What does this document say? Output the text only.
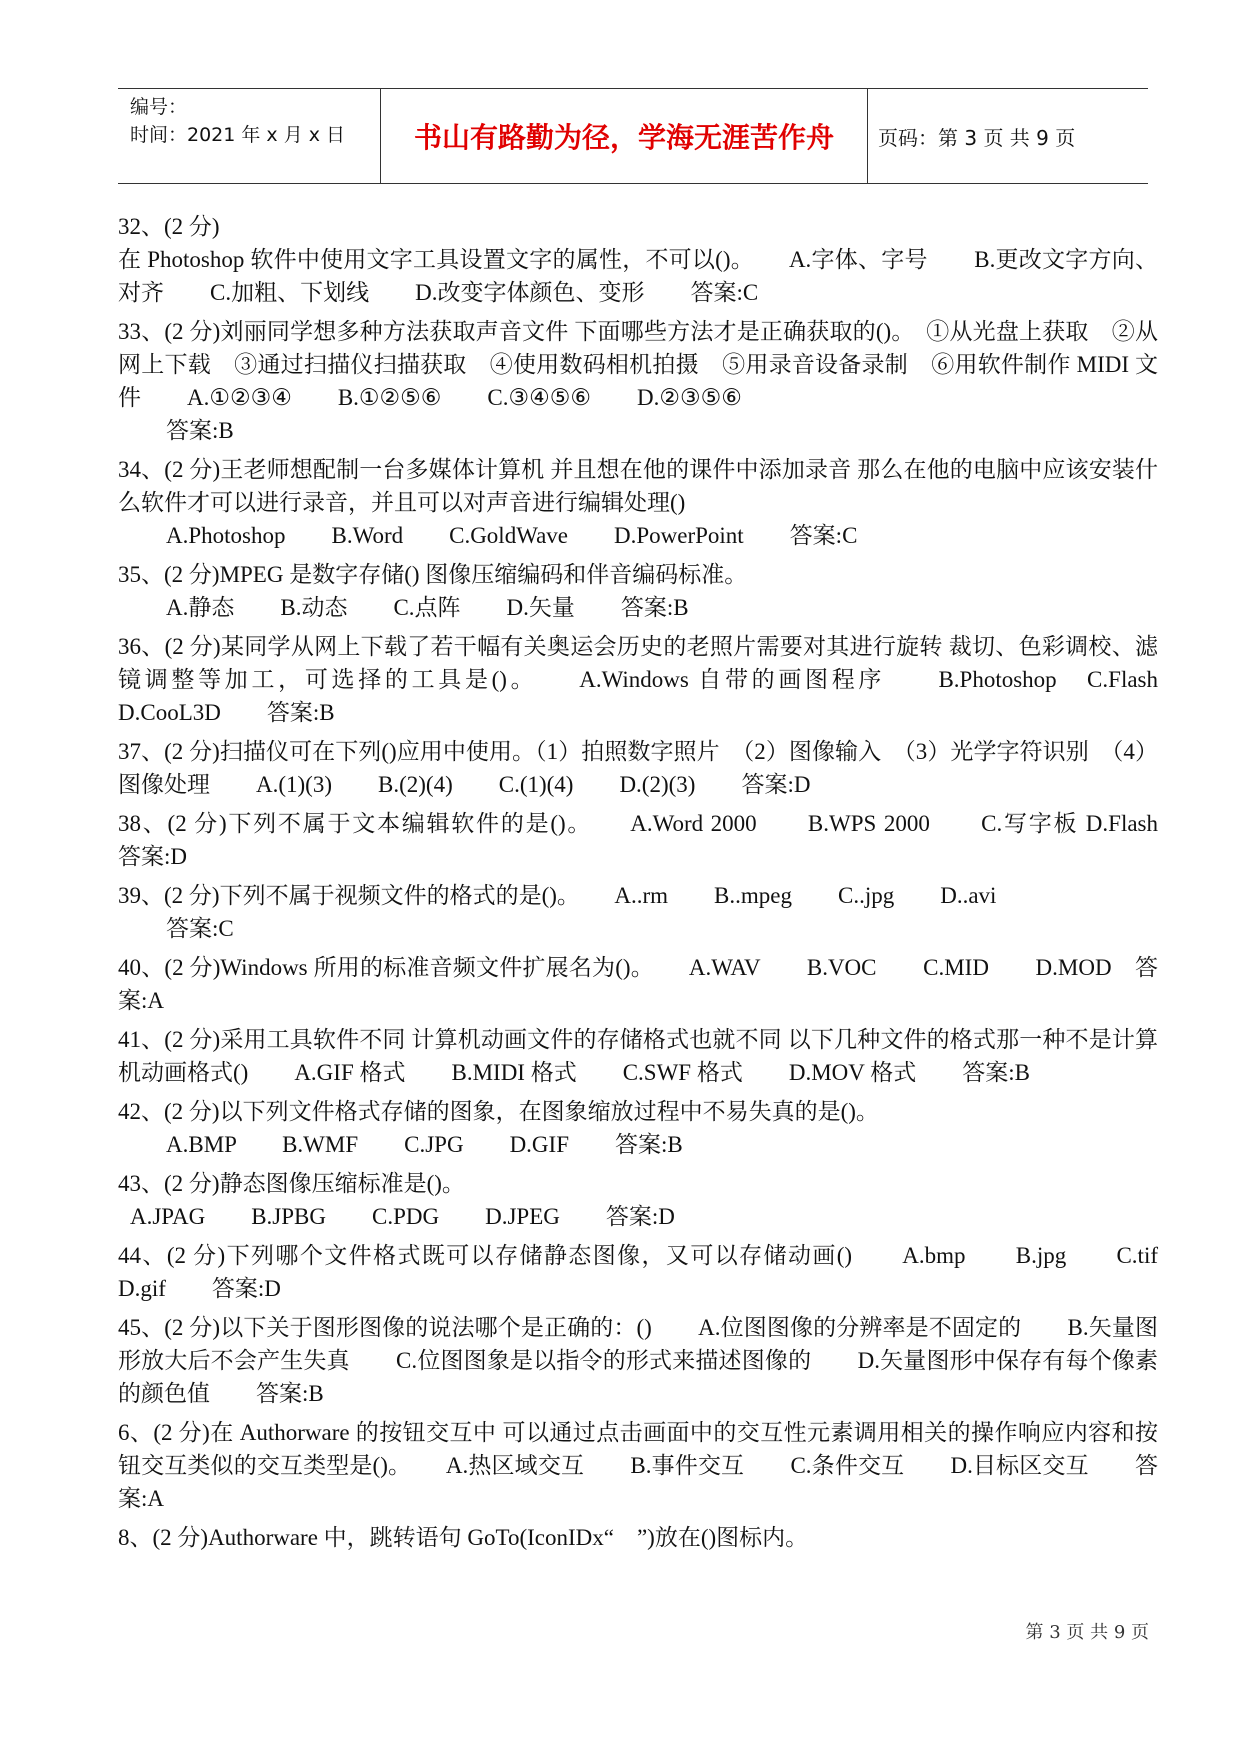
编号：
时间：2021 年 x 月 x 日	书山有路勤为径，学海无涯苦作舟	页码：第 3 页 共 9 页

32、(2 分)

在 Photoshop 软件中使用文字工具设置文字的属性，不可以()。　　A.字体、字号　　B.更改文字方向、对齐　　C.加粗、下划线　　D.改变字体颜色、变形　　答案:C

33、(2 分)刘丽同学想多种方法获取声音文件 下面哪些方法才是正确获取的()。　①从光盘上获取　②从网上下载　③通过扫描仪扫描获取　④使用数码相机拍摄　⑤用录音设备录制　⑥用软件制作 MIDI 文件　　A.①②③④　　B.①②⑤⑥　　C.③④⑤⑥　　D.②③⑤⑥

答案:B

34、(2 分)王老师想配制一台多媒体计算机 并且想在他的课件中添加录音 那么在他的电脑中应该安装什么软件才可以进行录音，并且可以对声音进行编辑处理()

A.Photoshop　　B.Word　　C.GoldWave　　D.PowerPoint　　答案:C

35、(2 分)MPEG 是数字存储() 图像压缩编码和伴音编码标准。

A.静态　　B.动态　　C.点阵　　D.矢量　　答案:B

36、(2 分)某同学从网上下载了若干幅有关奥运会历史的老照片需要对其进行旋转 裁切、色彩调校、滤镜调整等加工，可选择的工具是()。　　A.Windows 自带的画图程序　　B.Photoshop　C.Flash　　D.CooL3D　　答案:B

37、(2 分)扫描仪可在下列()应用中使用。（1）拍照数字照片　（2）图像输入　（3）光学字符识别　（4）图像处理　　A.(1)(3)　　B.(2)(4)　　C.(1)(4)　　D.(2)(3)　　答案:D

38、(2 分)下列不属于文本编辑软件的是()。　　A.Word 2000　　B.WPS 2000　　C.写字板 D.Flash　　答案:D

39、(2 分)下列不属于视频文件的格式的是()。　　A..rm　　B..mpeg　　C..jpg　　D..avi

答案:C

40、(2 分)Windows 所用的标准音频文件扩展名为()。　　A.WAV　　B.VOC　　C.MID　　D.MOD　答案:A

41、(2 分)采用工具软件不同 计算机动画文件的存储格式也就不同 以下几种文件的格式那一种不是计算机动画格式()　　A.GIF 格式　　B.MIDI 格式　　C.SWF 格式　　D.MOV 格式　　答案:B

42、(2 分)以下列文件格式存储的图象，在图象缩放过程中不易失真的是()。

A.BMP　　B.WMF　　C.JPG　　D.GIF　　答案:B

43、(2 分)静态图像压缩标准是()。

A.JPAG　　B.JPBG　　C.PDG　　D.JPEG　　答案:D

44、(2 分)下列哪个文件格式既可以存储静态图像，又可以存储动画()　　A.bmp　　B.jpg　　C.tif　D.gif　　答案:D

45、(2 分)以下关于图形图像的说法哪个是正确的：()　　A.位图图像的分辨率是不固定的　　B.矢量图形放大后不会产生失真　　C.位图图象是以指令的形式来描述图像的　　D.矢量图形中保存有每个像素的颜色值　　答案:B

6、(2 分)在 Authorware 的按钮交互中 可以通过点击画面中的交互性元素调用相关的操作响应内容和按钮交互类似的交互类型是()。　　A.热区域交互　　B.事件交互　　C.条件交互　　D.目标区交互　　答案:A

8、(2 分)Authorware 中，跳转语句 GoTo(IconIDx“　”)放在()图标内。

第 3 页 共 9 页
